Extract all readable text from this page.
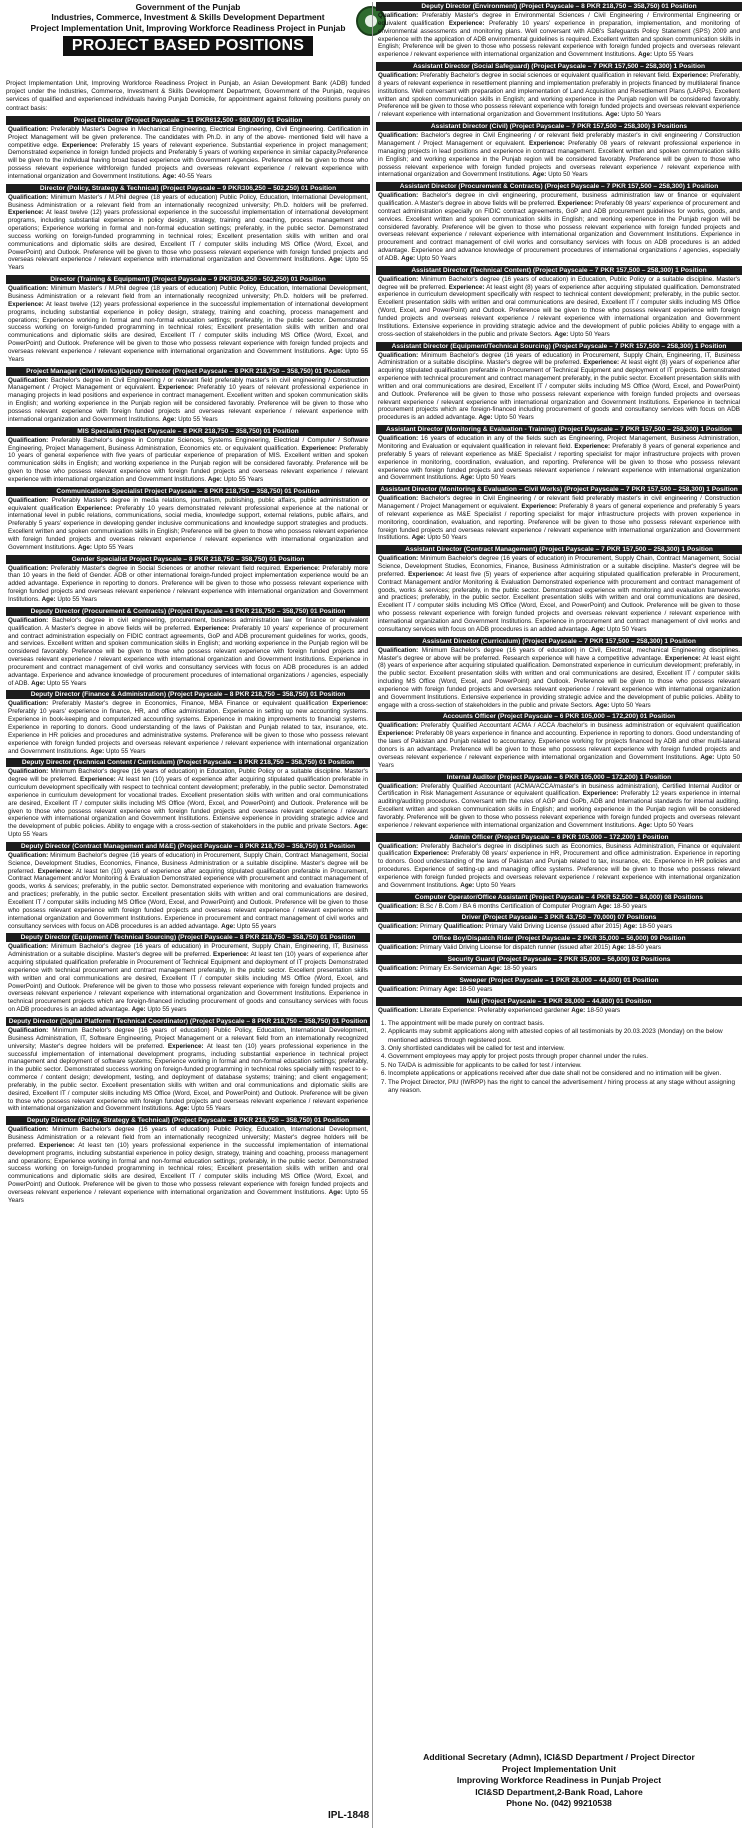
Government of the Punjab
Industries, Commerce, Investment & Skills Development Department
Project Implementation Unit, Improving Workforce Readiness Project in Punjab
PROJECT BASED POSITIONS

Project Implementation Unit, Improving Workforce Readiness Project in Punjab, an Asian Development Bank (ADB) funded project under the Industries, Commerce, Investment & Skills Development Department, Government of the Punjab, requires services of qualified and experienced individuals having Punjab Domicile, for appointment against following positions purely on contract basis:

Project Director (Project Payscale – 11 PKR612,500 - 980,000) 01 Position
Qualification: Preferably Master's Degree in Mechanical Engineering, Electrical Engineering, Civil Engineering. Certification in Project Management will be given preference. The candidates with Ph.D. in any of the above- mentioned field will have a competitive edge. Experience: Preferably 15 years of relevant experience. Substantial experience in project management; Demonstrated experience in foreign funded projects and Preferably 5 years of working experience in similar capacity.Preference will be given to the individual having broad based experience with Government Agencies. Preference will be given to those who possess relevant experience withforeign funded projects and overseas relevant experience / relevant experience with international organization and Government Institutions. Age: 40-55 Years
Director (Policy, Strategy & Technical) (Project Payscale – 9 PKR306,250 – 502,250) 01 Position
Qualification: Minimum Master's / M.Phil degree (18 years of education) Public Policy, Education, International Development, Business Administration or a relevant field from an internationally recognized university; Ph.D. holders will be preferred. Experience: At least twelve (12) years professional experience in the successful implementation of international development programs, including substantial experience in policy design, strategy, training and coaching, process management and operations; Experience working in formal and non-formal education settings; preferably, in the public sector. Demonstrated success working on foreign-funded programming in technical roles; Excellent presentation skills with written and oral communications and diplomatic skills are desired, Excellent IT / computer skills including MS Office (Word, Excel, and PowerPoint) and Outlook. Preference will be given to those who possess relevant experience with foreign funded projects and overseas relevant experience / relevant experience with international organization and Government Institutions. Age: Upto 55 Years
Director (Training & Equipment) (Project Payscale – 9 PKR306,250 - 502,250) 01 Position
Qualification: Minimum Master's / M.Phil degree (18 years of education) Public Policy, Education, International Development, Business Administration or a relevant field from an internationally recognized university; Ph.D. holders will be preferred. Experience: At least twelve (12) years professional experience in the successful implementation of international development programs, including substantial experience in policy design, strategy, training and coaching, process management and operations; Experience working in formal and non-formal education settings; preferably, in the public sector. Demonstrated success working on foreign-funded programming in technical roles; Excellent presentation skills with written and oral communications and diplomatic skills are desired, Excellent IT / computer skills including MS Office (Word, Excel, and PowerPoint) and Outlook. Preference will be given to those who possess relevant experience with foreign funded projects and overseas relevant experience / relevant experience with international organization and Government Institutions. Age: Upto 55 Years
Project Manager (Civil Works)/Deputy Director (Project Payscale – 8 PKR 218,750 – 358,750) 01 Position
Qualification: Bachelor's degree in Civil Engineering / or relevant field preferably master's in civil engineering / Construction Management / Project Management or equivalent. Experience: Preferably 10 years of relevant professional experience in managing projects in lead positions and experience in contract management. Excellent written and spoken communication skills in English; and working experience in the Punjab region will be considered favorably. Preference will be given to those who possess relevant experience with foreign funded projects and overseas relevant experience / relevant experience with international organization and Government Institutions. Age: Upto 55 Years
MIS Specialist Project Payscale – 8 PKR 218,750 – 358,750) 01 Position
Qualification: Preferably Bachelor's degree in Computer Sciences, Systems Engineering, Electrical / Computer / Software Engineering, Project Management, Business Administration, Economics etc. or equivalent qualification. Experience: Preferably 10 years of general experience with five years of particular experience of preparation of MIS. Excellent written and spoken communication skills in English; and working experience in the Punjab region will be considered favorably. Preference will be given to those who possess relevant experience with foreign funded projects and overseas relevant experience / relevant experience with international organization and Government Institutions. Age: Upto 55 Years
Communications Specialist Project Payscale – 8 PKR 218,750 – 358,750) 01 Position
Qualification: Preferably Master's degree in media relations, journalism, publishing, public affairs, public administration or equivalent qualification Experience: Preferably 10 years demonstrated relevant professional experience at the national or international level in public relations, communications, social media, knowledge support, external relations, public affairs, and Preferably 5 years' experience in developing gender inclusive communications and knowledge support strategies and products. Excellent written and spoken communication skills in English; Preference will be given to those who possess relevant experience with foreign funded projects and overseas relevant experience / relevant experience with international organization and Government Institutions. Age: Upto 55 Years
Gender Specialist Project Payscale – 8 PKR 218,750 – 358,750) 01 Position
Qualification: Preferably Master's degree in Social Sciences or another relevant field required. Experience: Preferably more than 10 years in the field of Gender. ADB or other international foreign-funded project implementation experience would be an added advantage. Experience in reporting to donors. Preference will be given to those who possess relevant experience with foreign funded projects and overseas relevant experience / relevant experience with international organization and Government Institutions. Age: Upto 55 Years
Deputy Director (Procurement & Contracts) (Project Payscale – 8 PKR 218,750 – 358,750) 01 Position
Qualification: Bachelor's degree in civil engineering, procurement, business administration law or finance or equivalent qualification. A Master's degree in above fields will be preferred. Experience: Preferably 10 years' experience of procurement and contract administration especially on FIDIC contract agreements, GoP and ADB procurement guidelines for works, goods, and services. Excellent written and spoken communication skills in English; and working experience in the Punjab region will be considered favorably. Preference will be given to those who possess relevant experience with foreign funded projects and overseas relevant experience / relevant experience with international organization and Government Institutions. Experience in procurement and contract management of civil works and consultancy services with focus on ADB procedures is an added advantage. Experience and advance knowledge of procurement procedures of international organizations / agencies, especially of ADB. Age: Upto 55 Years
Deputy Director (Finance & Administration) (Project Payscale – 8 PKR 218,750 – 358,750) 01 Position
Qualification: Preferably Master's degree in Economics, Finance, MBA Finance or equivalent qualification Experience: Preferably 10 years' experience in finance, HR, and office administration. Experience in setting up new accounting systems. Experience in book-keeping and computerized accounting systems. Experience in making improvements to financial systems. Experience in reporting to donors. Good understanding of the laws of Pakistan and Punjab related to tax, insurance, etc. Experience in HR policies and procedures and administrative systems. Preference will be given to those who possess relevant experience with foreign funded projects and overseas relevant experience / relevant experience with international organization and Government Institutions. Age: Upto 55 Years
Deputy Director (Technical Content / Curriculum) (Project Payscale – 8 PKR 218,750 – 358,750) 01 Position
Qualification: Minimum Bachelor's degree (16 years of education) in Education, Public Policy or a suitable discipline. Master's degree will be preferred. Experience: At least ten (10) years of experience after acquiring stipulated qualification preferable in curriculum development specifically with respect to technical content development; preferably, in the public sector. Demonstrated experience in curriculum development for vocational trades. Excellent presentation skills with written and oral communications are desired, Excellent IT / computer skills including MS Office (Word, Excel, and PowerPoint) and Outlook. Preference will be given to those who possess relevant experience with foreign funded projects and overseas relevant experience / relevant experience with international organization and Government Institutions. Extensive experience in providing strategic advice and the development of public policies. Ability to engage with a cross-section of stakeholders in the public and private Sectors. Age: Upto 55 Years
Deputy Director (Contract Management and M&E) (Project Payscale – 8 PKR 218,750 – 358,750) 01 Position
Qualification: Minimum Bachelor's degree (16 years of education) in Procurement, Supply Chain, Contract Management, Social Science, Development Studies, Economics, Finance, Business Administration or a suitable discipline. Master's degree will be preferred. Experience: At least ten (10) years of experience after acquiring stipulated qualification preferable in Procurement, Contract Management and/or Monitoring & Evaluation Demonstrated experience with procurement and contract management of goods, works & services; preferably, in the public sector. Demonstrated experience with monitoring and evaluation frameworks and practices; preferably, in the public sector. Excellent presentation skills with written and oral communications are desired, Excellent IT / computer skills including MS Office (Word, Excel, and PowerPoint) and Outlook. Preference will be given to those who possess relevant experience with foreign funded projects and overseas relevant experience / relevant experience with international organization and Government Institutions. Experience in procurement and contract management of civil works and consultancy services with focus on ADB procedures is an added advantage. Age: Upto 55 years
Deputy Director (Equipment / Technical Sourcing) (Project Payscale – 8 PKR 218,750 – 358,750) 01 Position
Qualification: Minimum Bachelor's degree (16 years of education) in Procurement, Supply Chain, Engineering, IT, Business Administration or a suitable discipline. Master's degree will be preferred. Experience: At least ten (10) years of experience after acquiring stipulated qualification preferable in Procurement of Technical Equipment and deployment of IT projects Demonstrated experience with technical procurement and contract management preferably, in the public sector. Excellent presentation skills with written and oral communications are desired, Excellent IT / computer skills including MS Office (Word, Excel, and PowerPoint) and Outlook. Preference will be given to those who possess relevant experience with foreign funded projects and overseas relevant experience / relevant experience with international organization and Government Institutions. Experience in technical procurement projects which are foreign-financed including procurement of goods and consultancy services with focus on ADB procedures is an added advantage. Age: Upto 55 years
Deputy Director (Digital Platform / Technical Coordinator) (Project Payscale – 8 PKR 218,750 – 358,750) 01 Position
Qualification: Minimum Bachelor's degree (16 years of education) Public Policy, Education, International Development, Business Administration, IT, Software Engineering, Project Management or a relevant field from an internationally recognized university; Master's degree holders will be preferred. Experience: At least ten (10) years professional experience in the successful implementation of international development programs, including substantial experience in technical project management and deployment of software systems; Experience working in formal and non-formal education settings; preferably, in the public sector. Demonstrated success working on foreign-funded programming in technical roles specially with respect to e-commerce / content design; development, testing, and deployment of database systems; training; and client engagement; preferably, in the public sector. Excellent presentation skills with written and oral communications and diplomatic skills are desired, Excellent IT / computer skills including MS Office (Word, Excel, and PowerPoint) and Outlook. Preference will be given to those who possess relevant experience with foreign funded projects and overseas relevant experience / relevant experience with international organization and Government Institutions. Age: Upto 55 Years
Deputy Director (Policy, Strategy & Technical) (Project Payscale – 8 PKR 218,750 – 358,750) 01 Position
Qualification: Minimum Bachelor's degree (16 years of education) Public Policy, Education, International Development, Business Administration or a relevant field from an internationally recognized university; Master's degree holders will be preferred. Experience: At least ten (10) years professional experience in the successful implementation of international development programs, including substantial experience in policy design, strategy, training and coaching, process management and operations; Experience working in formal and non-formal education settings; preferably, in the public sector. Demonstrated success working on foreign-funded programming in technical roles; Excellent presentation skills with written and oral communications and diplomatic skills are desired, Excellent IT / computer skills including MS Office (Word, Excel, and PowerPoint) and Outlook. Preference will be given to those who possess relevant experience with foreign funded projects and overseas relevant experience / relevant experience with international organization and Government Institutions. Age: Upto 55 Years
Deputy Director (Environment) (Project Payscale – 8 PKR 218,750 – 358,750) 01 Position
Qualification: Preferably Master's degree in Environmental Sciences / Civil Engineering / Environmental Engineering or equivalent qualification Experience: Preferably 10 years' experience in preparation, implementation, and monitoring of environmental assessments and monitoring plans. Well conversant with ADB's Safeguards Policy Statement (SPS) 2009 and experience with the application of ADB environmental guidelines is required. Excellent written and spoken communication skills in English; Preference will be given to those who possess relevant experience with foreign funded projects and overseas relevant experience / relevant experience with international organization and Government Institutions. Age: Upto 55 Years
Assistant Director (Social Safeguard) (Project Payscale – 7 PKR 157,500 – 258,300) 1 Position
Qualification: Preferably Bachelor's degree in social sciences or equivalent qualification in relevant field. Experience: Preferably, 8 years of relevant experience in resettlement planning and implementation preferably in projects financed by multilateral finance institutions. Well conversant with preparation and implementation of Land Acquisition and Resettlement Plans (LARPs). Excellent written and spoken communication skills in English; and working experience in the Punjab region will be considered favorably. Preference will be given to those who possess relevant experience with foreign funded projects and overseas relevant experience / relevant experience with international organization and Government Institutions. Age: Upto 50 Years
Assistant Director (Civil) (Project Payscale – 7 PKR 157,500 – 258,300) 3 Positions
Qualification: Bachelor's degree in Civil Engineering / or relevant field preferably master's in civil engineering / Construction Management / Project Management or equivalent. Experience: Preferably 08 years of relevant professional experience in managing projects in lead positions and experience in contract management. Excellent written and spoken communication skills in English; and working experience in the Punjab region will be considered favorably. Preference will be given to those who possess relevant experience with foreign funded projects and overseas relevant experience / relevant experience with international organization and Government Institutions. Age: Upto 50 Years
Assistant Director (Procurement & Contracts) (Project Payscale – 7 PKR 157,500 – 258,300) 1 Position
Qualification: Bachelor's degree in civil engineering, procurement, business administration law or finance or equivalent qualification. A Master's degree in above fields will be preferred. Experience: Preferably 08 years' experience of procurement and contract administration especially on FIDIC contract agreements, GoP and ADB procurement guidelines for works, goods, and services. Excellent written and spoken communication skills in English; and working experience in the Punjab region will be considered favorably. Preference will be given to those who possess relevant experience with foreign funded projects and overseas relevant experience / relevant experience with international organization and Government Institutions. Experience in procurement and contract management of civil works and consultancy services with focus on ADB procedures is an added advantage. Experience and advance knowledge of procurement procedures of international organizations / agencies, especially of ADB. Age: Upto 50 Years
Assistant Director (Technical Content) (Project Payscale – 7 PKR 157,500 – 258,300) 1 Position
Qualification: Minimum Bachelor's degree (16 years of education) in Education, Public Policy or a suitable discipline. Master's degree will be preferred. Experience: At least eight (8) years of experience after acquiring stipulated qualification. Demonstrated experience in curriculum development specifically with respect to technical content development; preferably, in the public sector. Excellent presentation skills with written and oral communications are desired, Excellent IT / computer skills including MS Office (Word, Excel, and PowerPoint) and Outlook. Preference will be given to those who possess relevant experience with foreign funded projects and overseas relevant experience / relevant experience with international organization and Government Institutions. Extensive experience in providing strategic advice and the development of public policies Ability to engage with a cross-section of stakeholders in the public and private Sectors. Age: Upto 50 Years
Assistant Director (Equipment/Technical Sourcing) (Project Payscale – 7 PKR 157,500 – 258,300) 1 Position
Qualification: Minimum Bachelor's degree (16 years of education) in Procurement, Supply Chain, Engineering, IT, Business Administration or a suitable discipline. Master's degree will be preferred. Experience: At least eight (8) years of experience after acquiring stipulated qualification preferable in Procurement of Technical Equipment and deployment of IT projects. Demonstrated experience with technical procurement and contract management preferably, in the public sector. Excellent presentation skills with written and oral communications are desired, Excellent IT / computer skills including MS Office (Word, Excel, and PowerPoint) and Outlook. Preference will be given to those who possess relevant experience with foreign funded projects and overseas relevant experience / relevant experience with international organization and Government Institutions. Experience in technical procurement projects which are foreign-financed including procurement of goods and consultancy services with focus on ADB procedures is an added advantage. Age: Upto 50 Years
Assistant Director (Monitoring & Evaluation - Training) (Project Payscale – 7 PKR 157,500 – 258,300) 1 Position
Qualification: 16 years of education in any of the fields such as Engineering, Project Management, Business Administration, Monitoring and Evaluation or equivalent qualification in relevant field. Experience: Preferably 8 years of general experience and preferably 5 years of relevant experience as M&E Specialist / reporting specialist for major infrastructure projects with proven experience in monitoring, coordination, evaluation, and reporting. Preference will be given to those who possess relevant experience with foreign funded projects and overseas relevant experience / relevant experience with international organization and Government Institutions. Age: Upto 50 Years
Assistant Director (Monitoring & Evaluation – Civil Works) (Project Payscale – 7 PKR 157,500 – 258,300) 1 Position
Qualification: Bachelor's degree in Civil Engineering / or relevant field preferably master's in civil engineering / Construction Management / Project Management or equivalent. Experience: Preferably 8 years of general experience and preferably 5 years of relevant experience as M&E Specialist / reporting specialist for major infrastructure projects with proven experience in monitoring, coordination, evaluation, and reporting. Preference will be given to those who possess relevant experience with foreign funded projects and overseas relevant experience / relevant experience with international organization and Government Institutions. Age: Upto 50 Years
Assistant Director (Contract Management) (Project Payscale – 7 PKR 157,500 – 258,300) 1 Position
Qualification: Minimum Bachelor's degree (16 years of education) in Procurement, Supply Chain, Contract Management, Social Science, Development Studies, Economics, Finance, Business Administration or a suitable discipline. Master's degree will be preferred. Experience: At least five (5) years of experience after acquiring stipulated qualification preferable in Procurement, Contract Management and/or Monitoring & Evaluation Demonstrated experience with procurement and contract management of goods, works & services; preferably, in the public sector. Demonstrated experience with monitoring and evaluation frameworks and practices; preferably, in the public sector. Excellent presentation skills with written and oral communications are desired, Excellent IT / computer skills including MS Office (Word, Excel, and PowerPoint) and Outlook. Preference will be given to those who possess relevant experience with foreign funded projects and overseas relevant experience / relevant experience with international organization and Government Institutions. Experience in procurement and contract management of civil works and consultancy services with focus on ADB procedures is an added advantage. Age: Upto 50 Years
Assistant Director (Curriculum) (Project Payscale – 7 PKR 157,500 – 258,300) 1 Position
Qualification: Minimum Bachelor's degree (16 years of education) in Civil, Electrical, mechanical Engineering disciplines. Master's degree or above will be preferred. Research experience will have a competitive advantage. Experience: At least eight (8) years of experience after acquiring stipulated qualification. Demonstrated experience in curriculum development; preferably, in the public sector. Excellent presentation skills with written and oral communications are desired, Excellent IT / computer skills including MS Office (Word, Excel, and PowerPoint) and Outlook. Preference will be given to those who possess relevant experience with foreign funded projects and overseas relevant experience / relevant experience with international organization and Government Institutions. Extensive experience in providing strategic advice and the development of public policies. Ability to engage with a cross-section of stakeholders in the public and private Sectors. Age: Upto 50 Years
Accounts Officer (Project Payscale – 6 PKR 105,000 – 172,200) 01 Position
Qualification: Preferably Qualified Accountant ACMA / ACCA /bachelor's in business administration or equivalent qualification Experience: Preferably 08 years experience in finance and accounting. Experience in reporting to donors. Good understanding of the laws of Pakistan and Punjab related to accountancy. Experience working for projects financed by ADB and other multi-lateral donors is an advantage. Preference will be given to those who possess relevant experience with foreign funded projects and overseas relevant experience / relevant experience with international organization and Government Institutions. Age: Upto 50 Years
Internal Auditor (Project Payscale – 6 PKR 105,000 – 172,200) 1 Position
Qualification: Preferably Qualified Accountant (ACMA/ACCA/master's in business administration), Certified Internal Auditor or Certification in Risk Management Assurance or equivalent qualification. Experience: Preferably 12 years experience in internal auditing/auditing procedures. Conversant with the rules of AGP and GoPb, ADB and International standards for internal auditing. Excellent written and spoken communication skills in English; and working experience in the Punjab region will be considered favorably. Preference will be given to those who possess relevant experience with foreign funded projects and overseas relevant experience / relevant experience with international organization and Government Institutions. Age: Upto 50 Years
Admin Officer (Project Payscale – 6 PKR 105,000 – 172,200) 1 Position
Qualification: Preferably Bachelor's degree in disciplines such as Economics, Business Administration, Finance or equivalent qualification Experience: Preferably 08 years' experience in HR, Procurement and office administration. Experience in reporting to donors. Good understanding of the laws of Pakistan and Punjab related to tax, insurance, etc. Experience in HR policies and procedures. Experience of setting-up and managing office systems. Preference will be given to those who possess relevant experience with foreign funded projects and overseas relevant experience / relevant experience with international organization and Government Institutions. Age: Upto 50 Years
Computer Operator/Office Assistant (Project Payscale – 4 PKR 52,500 – 84,000) 08 Positions
Qualification: B.Sc / B.Com / BA 6 months Certification of Computer Program Age: 18-50 years
Driver (Project Payscale – 3 PKR 43,750 – 70,000) 07 Positions
Qualification: Primary Qualification: Primary Valid Driving License (issued after 2015) Age: 18-50 years
Office Boy/Dispatch Rider (Project Payscale – 2 PKR 35,000 – 56,000) 09 Position
Qualification: Primary Valid Driving License for dispatch runner (issued after 2015) Age: 18-50 years
Security Guard (Project Payscale – 2 PKR 35,000 – 56,000) 02 Positions
Qualification: Primary Ex-Serviceman Age: 18-50 years
Sweeper (Project Payscale – 1 PKR 28,000 – 44,800) 01 Position
Qualification: Primary Age: 18-50 years
Mali (Project Payscale – 1 PKR 28,000 – 44,800) 01 Position
Qualification: Literate Experience: Preferably experienced gardener Age: 18-50 years
1. The appointment will be made purely on contract basis.
2. Applicants may submit applications along with attested copies of all testimonials by 20.03.2023 (Monday) on the below mentioned address through registered post.
3. Only shortlisted candidates will be called for test and interview.
4. Government employees may apply for project posts through proper channel under the rules.
5. No TA/DA is admissible for applicants to be called for test / interview.
6. Incomplete applications or applications received after due date shall not be considered and no intimation will be given.
7. The Project Director, PIU (IWRPP) has the right to cancel the advertisement / hiring process at any stage without assigning any reason.
Additional Secretary (Admn), ICI&SD Department / Project Director
Project Implementation Unit
Improving Workforce Readiness in Punjab Project
ICI&SD Department,2-Bank Road, Lahore
Phone No. (042) 99210538
IPL-1848
